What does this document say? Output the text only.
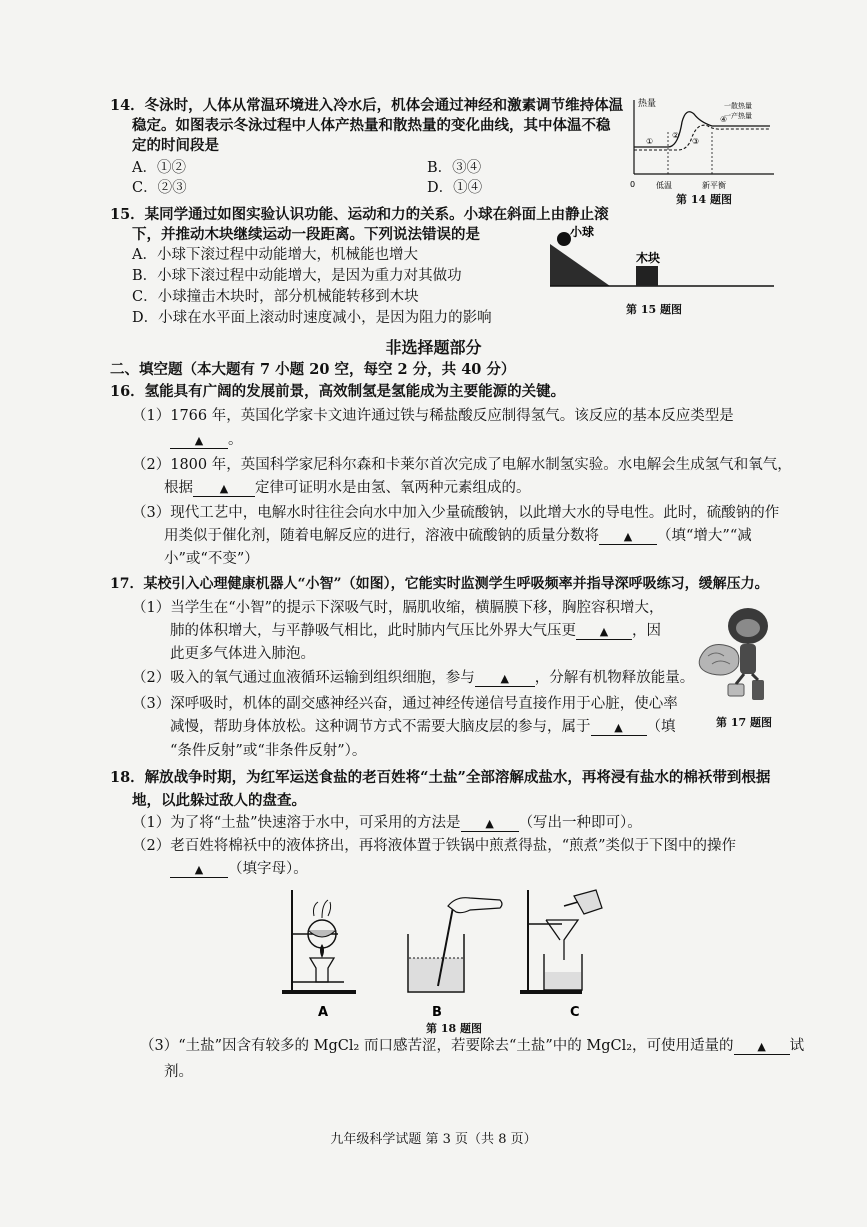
14．冬泳时，人体从常温环境进入冷水后，机体会通过神经和激素调节维持体温
稳定。如图表示冬泳过程中人体产热量和散热量的变化曲线，其中体温不稳
定的时间段是
A．①②	B．③④
C．②③	D．①④
热量	一散热量
一产热量
0	低温	新平衡
①
②
③
④
第 14 题图
15．某同学通过如图实验认识功能、运动和力的关系。小球在斜面上由静止滚
下，并推动木块继续运动一段距离。下列说法错误的是
A．小球下滚过程中动能增大，机械能也增大
B．小球下滚过程中动能增大，是因为重力对其做功
C．小球撞击木块时，部分机械能转移到木块
D．小球在水平面上滚动时速度减小，是因为阻力的影响
小球
木块
第 15 题图
非选择题部分
二、填空题（本大题有 7 小题 20 空，每空 2 分，共 40 分）
16．氢能具有广阔的发展前景，高效制氢是氢能成为主要能源的关键。
（1）1766 年，英国化学家卡文迪许通过铁与稀盐酸反应制得氢气。该反应的基本反应类型是
▲ 。
（2）1800 年，英国科学家尼科尔森和卡莱尔首次完成了电解水制氢实验。水电解会生成氢气和氧气，
根据 ▲ 定律可证明水是由氢、氧两种元素组成的。
（3）现代工艺中，电解水时往往会向水中加入少量硫酸钠，以此增大水的导电性。此时，硫酸钠的作
用类似于催化剂，随着电解反应的进行，溶液中硫酸钠的质量分数将 ▲ （填“增大”“减
小”或“不变”）
17．某校引入心理健康机器人“小智”（如图），它能实时监测学生呼吸频率并指导深呼吸练习，缓解压力。
（1）当学生在“小智”的提示下深吸气时，膈肌收缩，横膈膜下移，胸腔容积增大，
肺的体积增大，与平静吸气相比，此时肺内气压比外界大气压更 ▲ ，因
此更多气体进入肺泡。
（2）吸入的氧气通过血液循环运输到组织细胞，参与 ▲ ，分解有机物释放能量。
（3）深呼吸时，机体的副交感神经兴奋，通过神经传递信号直接作用于心脏，使心率
减慢，帮助身体放松。这种调节方式不需要大脑皮层的参与，属于 ▲ （填
“条件反射”或“非条件反射”）。
第 17 题图
18．解放战争时期，为红军运送食盐的老百姓将“土盐”全部溶解成盐水，再将浸有盐水的棉袄带到根据
地，以此躲过敌人的盘查。
（1）为了将“土盐”快速溶于水中，可采用的方法是 ▲ （写出一种即可）。
（2）老百姓将棉袄中的液体挤出，再将液体置于铁锅中煎煮得盐，“煎煮”类似于下图中的操作
▲ （填字母）。
A	B	C
第 18 题图
（3）“土盐”因含有较多的 MgCl₂ 而口感苦涩，若要除去“土盐”中的 MgCl₂，可使用适量的 ▲ 试
剂。
九年级科学试题 第 3 页（共 8 页）
